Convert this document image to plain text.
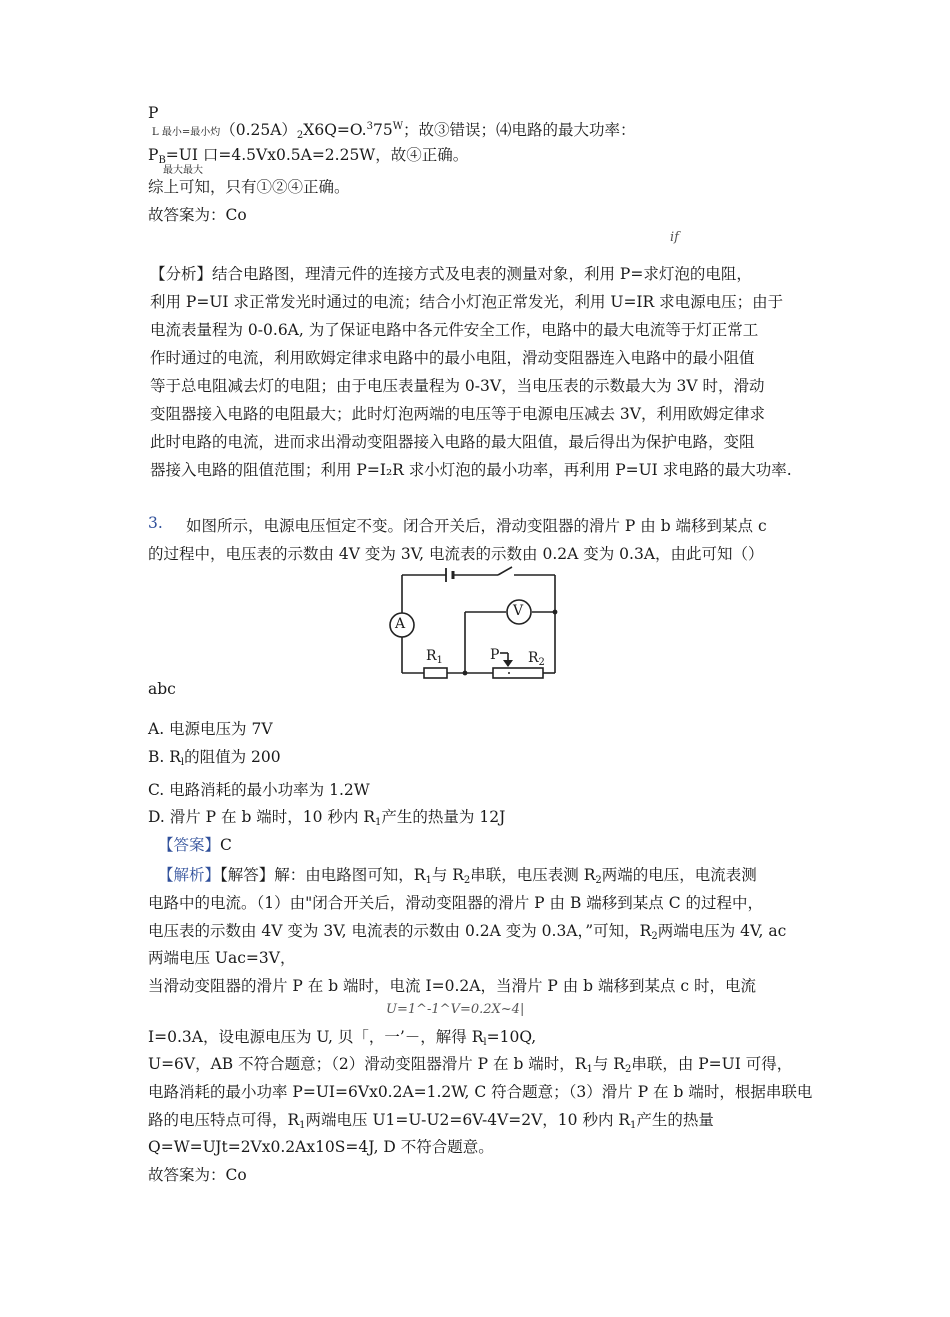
P
L 最小=最小灼$(0.25A)_2X6Q=O.^375^W$；故③错误；⑷电路的最大功率：
$P_B=UI$ 口=4.5Vx0.5A=2.25W，故④正确。
最大最大
综上可知，只有①②④正确。
故答案为：Co
if
【分析】结合电路图，理清元件的连接方式及电表的测量对象，利用 P=求灯泡的电阻，
利用 P=UI 求正常发光时通过的电流；结合小灯泡正常发光，利用 U=IR 求电源电压；由于
电流表量程为 0-0.6A, 为了保证电路中各元件安全工作，电路中的最大电流等于灯正常工
作时通过的电流，利用欧姆定律求电路中的最小电阻，滑动变阻器连入电路中的最小阻值
等于总电阻减去灯的电阻；由于电压表量程为 0-3V，当电压表的示数最大为 3V 时，滑动
变阻器接入电路的电阻最大；此时灯泡两端的电压等于电源电压减去 3V，利用欧姆定律求
此时电路的电流，进而求出滑动变阻器接入电路的最大阻值，最后得出为保护电路，变阻
器接入电路的阻值范围；利用 P=I₂R 求小灯泡的最小功率，再利用 P=UI 求电路的最大功率.
3. 如图所示，电源电压恒定不变。闭合开关后，滑动变阻器的滑片 P 由 b 端移到某点 c
的过程中，电压表的示数由 4V 变为 3V, 电流表的示数由 0.2A 变为 0.3A，由此可知（）
A
V
$R_1$	P $R_2$
abc
A. 电源电压为 7V
B. $R_l$的阻值为 200
C. 电路消耗的最小功率为 1.2W
D. 滑片 P 在 b 端时，10 秒内 $R_1$产生的热量为 12J
【答案】C
【解析】【解答】解：由电路图可知，$R_1$与 $R_2$串联，电压表测 $R_2$两端的电压，电流表测
电路中的电流。（1）由"闭合开关后，滑动变阻器的滑片 P 由 B 端移到某点 C 的过程中，
电压表的示数由 4V 变为 3V, 电流表的示数由 0.2A 变为 0.3A，”可知，$R_2$两端电压为 4V, ac
两端电压 Uac=3V，
当滑动变阻器的滑片 P 在 b 端时，电流 I=0.2A，当滑片 P 由 b 端移到某点 c 时，电流
U=1^-1^V=0.2X~4|
I=0.3A，设电源电压为 U, 贝「，一’－，解得 $R_l=10Q$,
U=6V，AB 不符合题意；（2）滑动变阻器滑片 P 在 b 端时，$R_1$与 $R_2$串联，由 P=UI 可得，
电路消耗的最小功率 P=UI=6Vx0.2A=1.2W, C 符合题意；（3）滑片 P 在 b 端时，根据串联电
路的电压特点可得，$R_1$两端电压 U1=U-U2=6V-4V=2V，10 秒内 $R_1$产生的热量
Q=W=UJt=2Vx0.2Ax10S=4J, D 不符合题意。
故答案为：Co
